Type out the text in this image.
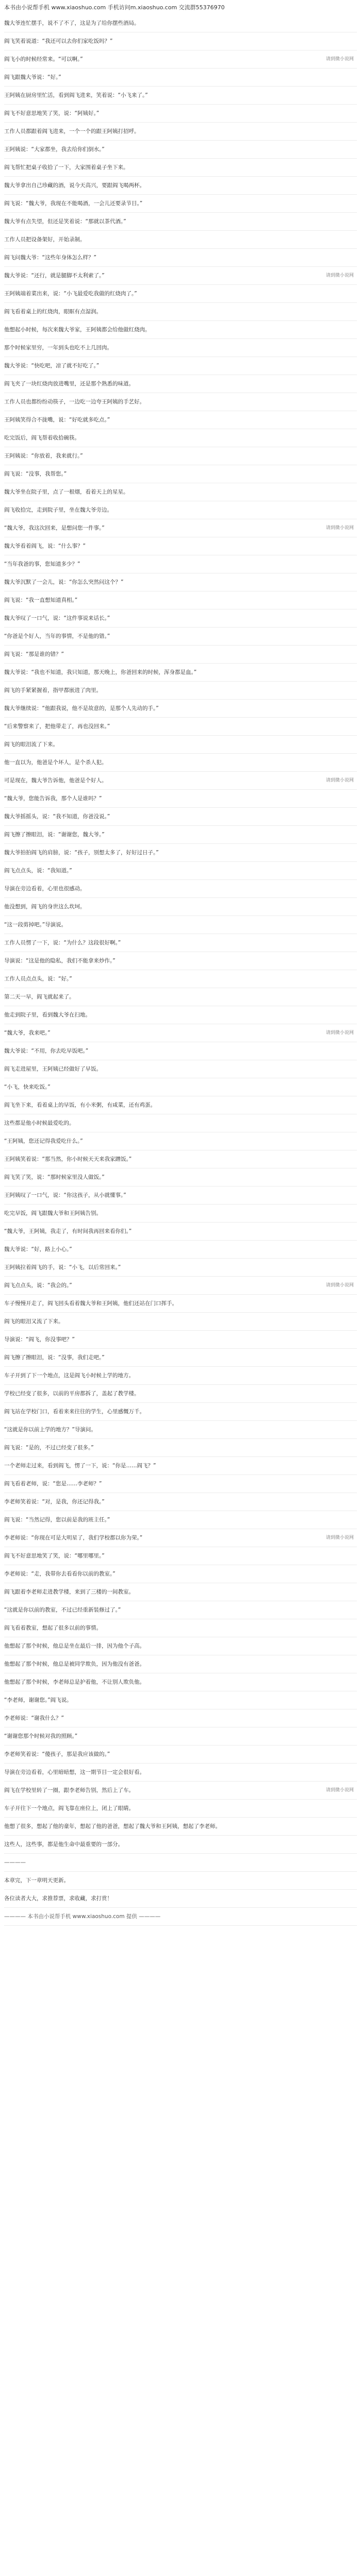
本书由小说帮手机 www.xiaoshuo.com 手机访问m.xiaoshuo.com 交流群55376970
魏大爷连忙摆手，说不了不了，这是为了给你摆些酒局。
阎飞笑着说道：“我还可以去你们家吃饭吗？”
阎飞小的时候经常来。“可以啊。”	请到微小说网
阎飞跟魏大爷说：“好。”
王阿姨在厨房里忙活，看到阎飞进来，笑着说：“小飞来了。”
阎飞不好意思地笑了笑，说：“阿姨好。”
工作人员都跟着阎飞进来，一个一个的跟王阿姨打招呼。
王阿姨说：“大家都坐，我去给你们倒水。”
阎飞帮忙把桌子收拾了一下，大家围着桌子坐下来。
魏大爷拿出自己珍藏的酒，说今天高兴，要跟阎飞喝两杯。
阎飞说：“魏大爷，我现在不能喝酒，一会儿还要录节目。”
魏大爷有点失望，但还是笑着说：“那就以茶代酒。”
工作人员把设备架好，开始录制。
阎飞问魏大爷：“这些年身体怎么样？”
魏大爷说：“还行，就是腿脚不太利索了。”	请到微小说网
王阿姨端着菜出来，说：“小飞最爱吃我做的红烧肉了。”
阎飞看着桌上的红烧肉，眼眶有点湿润。
他想起小时候，每次来魏大爷家，王阿姨都会给他做红烧肉。
那个时候家里穷，一年到头也吃不上几回肉。
魏大爷说：“快吃吧，凉了就不好吃了。”
阎飞夹了一块红烧肉放进嘴里，还是那个熟悉的味道。
工作人员也都纷纷动筷子，一边吃一边夸王阿姨的手艺好。
王阿姨笑得合不拢嘴，说：“好吃就多吃点。”
吃完饭后，阎飞帮着收拾碗筷。
王阿姨说：“你放着，我来就行。”
阎飞说：“没事，我帮您。”
魏大爷坐在院子里，点了一根烟，看着天上的星星。
阎飞收拾完，走到院子里，坐在魏大爷旁边。
“魏大爷，我这次回来，是想问您一件事。”	请到微小说网
魏大爷看着阎飞，说：“什么事？”
“当年我爸的事，您知道多少？”
魏大爷沉默了一会儿，说：“你怎么突然问这个？”
阎飞说：“我一直想知道真相。”
魏大爷叹了一口气，说：“这件事说来话长。”
“你爸是个好人，当年的事情，不是他的错。”
阎飞说：“那是谁的错？”
魏大爷说：“我也不知道，我只知道，那天晚上，你爸回来的时候，浑身都是血。”
阎飞的手紧紧握着，指甲都嵌进了肉里。
魏大爷继续说：“他跟我说，他不是故意的，是那个人先动的手。”
“后来警察来了，把他带走了，再也没回来。”
阎飞的眼泪流了下来。
他一直以为，他爸是个坏人，是个杀人犯。
可是现在，魏大爷告诉他，他爸是个好人。	请到微小说网
“魏大爷，您能告诉我，那个人是谁吗？”
魏大爷摇摇头，说：“我不知道，你爸没说。”
阎飞擦了擦眼泪，说：“谢谢您，魏大爷。”
魏大爷拍拍阎飞的肩膀，说：“孩子，别想太多了，好好过日子。”
阎飞点点头，说：“我知道。”
导演在旁边看着，心里也很感动。
他没想到，阎飞的身世这么坎坷。
“这一段剪掉吧。”导演说。
工作人员愣了一下，说：“为什么？这段很好啊。”
导演说：“这是他的隐私，我们不能拿来炒作。”
工作人员点点头，说：“好。”
第二天一早，阎飞就起来了。
他走到院子里，看到魏大爷在扫地。
“魏大爷，我来吧。”	请到微小说网
魏大爷说：“不用，你去吃早饭吧。”
阎飞走进屋里，王阿姨已经做好了早饭。
“小飞，快来吃饭。”
阎飞坐下来，看着桌上的早饭，有小米粥，有咸菜，还有鸡蛋。
这些都是他小时候最爱吃的。
“王阿姨，您还记得我爱吃什么。”
王阿姨笑着说：“那当然，你小时候天天来我家蹭饭。”
阎飞笑了笑，说：“那时候家里没人做饭。”
王阿姨叹了一口气，说：“你这孩子，从小就懂事。”
吃完早饭，阎飞跟魏大爷和王阿姨告别。
“魏大爷，王阿姨，我走了，有时间我再回来看你们。”
魏大爷说：“好，路上小心。”
王阿姨拉着阎飞的手，说：“小飞，以后常回来。”
阎飞点点头，说：“我会的。”	请到微小说网
车子慢慢开走了，阎飞回头看着魏大爷和王阿姨，他们还站在门口挥手。
阎飞的眼泪又流了下来。
导演说：“阎飞，你没事吧？”
阎飞擦了擦眼泪，说：“没事，我们走吧。”
车子开到了下一个地点，这是阎飞小时候上学的地方。
学校已经变了很多，以前的平房都拆了，盖起了教学楼。
阎飞站在学校门口，看着来来往往的学生，心里感慨万千。
“这就是你以前上学的地方？”导演问。
阎飞说：“是的，不过已经变了很多。”
一个老师走过来，看到阎飞，愣了一下，说：“你是……阎飞？”
阎飞看着老师，说：“您是……李老师？”
李老师笑着说：“对，是我，你还记得我。”
阎飞说：“当然记得，您以前是我的班主任。”
李老师说：“你现在可是大明星了，我们学校都以你为荣。”	请到微小说网
阎飞不好意思地笑了笑，说：“哪里哪里。”
李老师说：“走，我带你去看看你以前的教室。”
阎飞跟着李老师走进教学楼，来到了三楼的一间教室。
“这就是你以前的教室，不过已经重新装修过了。”
阎飞看着教室，想起了很多以前的事情。
他想起了那个时候，他总是坐在最后一排，因为他个子高。
他想起了那个时候，他总是被同学欺负，因为他没有爸爸。
他想起了那个时候，李老师总是护着他，不让别人欺负他。
“李老师，谢谢您。”阎飞说。
李老师说：“谢我什么？”
“谢谢您那个时候对我的照顾。”
李老师笑着说：“傻孩子，那是我应该做的。”
导演在旁边看着，心里暗暗想，这一期节目一定会很好看。
阎飞在学校里转了一圈，跟李老师告别，然后上了车。	请到微小说网
车子开往下一个地点，阎飞靠在座位上，闭上了眼睛。
他想了很多，想起了他的童年，想起了他的爸爸，想起了魏大爷和王阿姨，想起了李老师。
这些人，这些事，都是他生命中最重要的一部分。
————
本章完，下一章明天更新。
各位读者大大，求推荐票，求收藏，求打赏！
———— 本书由小说帮手机 www.xiaoshuo.com 提供 ————
